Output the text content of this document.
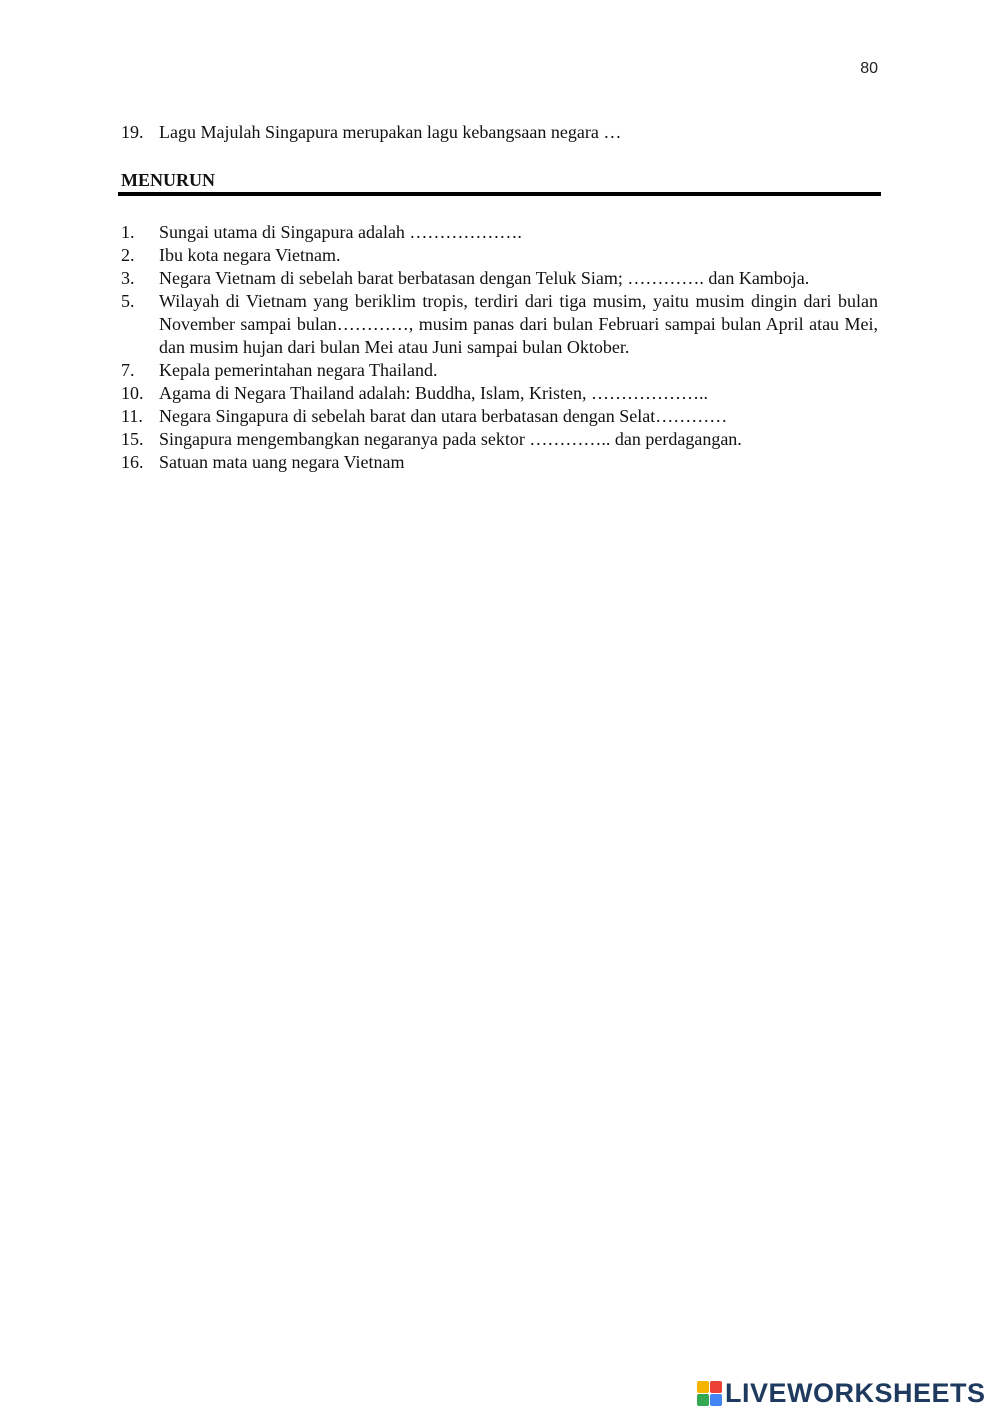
80
19. Lagu Majulah Singapura merupakan lagu kebangsaan negara …
MENURUN
1.	Sungai utama di Singapura adalah ……………….
2.	Ibu kota negara Vietnam.
3.	Negara Vietnam di sebelah barat berbatasan dengan Teluk Siam; …………. dan Kamboja.
5.	Wilayah di Vietnam yang beriklim tropis, terdiri dari tiga musim, yaitu musim dingin dari bulan November sampai bulan…………, musim panas dari bulan Februari sampai bulan April atau Mei, dan musim hujan dari bulan Mei atau Juni sampai bulan Oktober.
7.	Kepala pemerintahan negara Thailand.
10. Agama di Negara Thailand adalah: Buddha, Islam, Kristen, ………………..
11. Negara Singapura di sebelah barat dan utara berbatasan dengan Selat…………
15. Singapura mengembangkan negaranya pada sektor ………….. dan perdagangan.
16. Satuan mata uang negara Vietnam
LIVEWORKSHEETS
